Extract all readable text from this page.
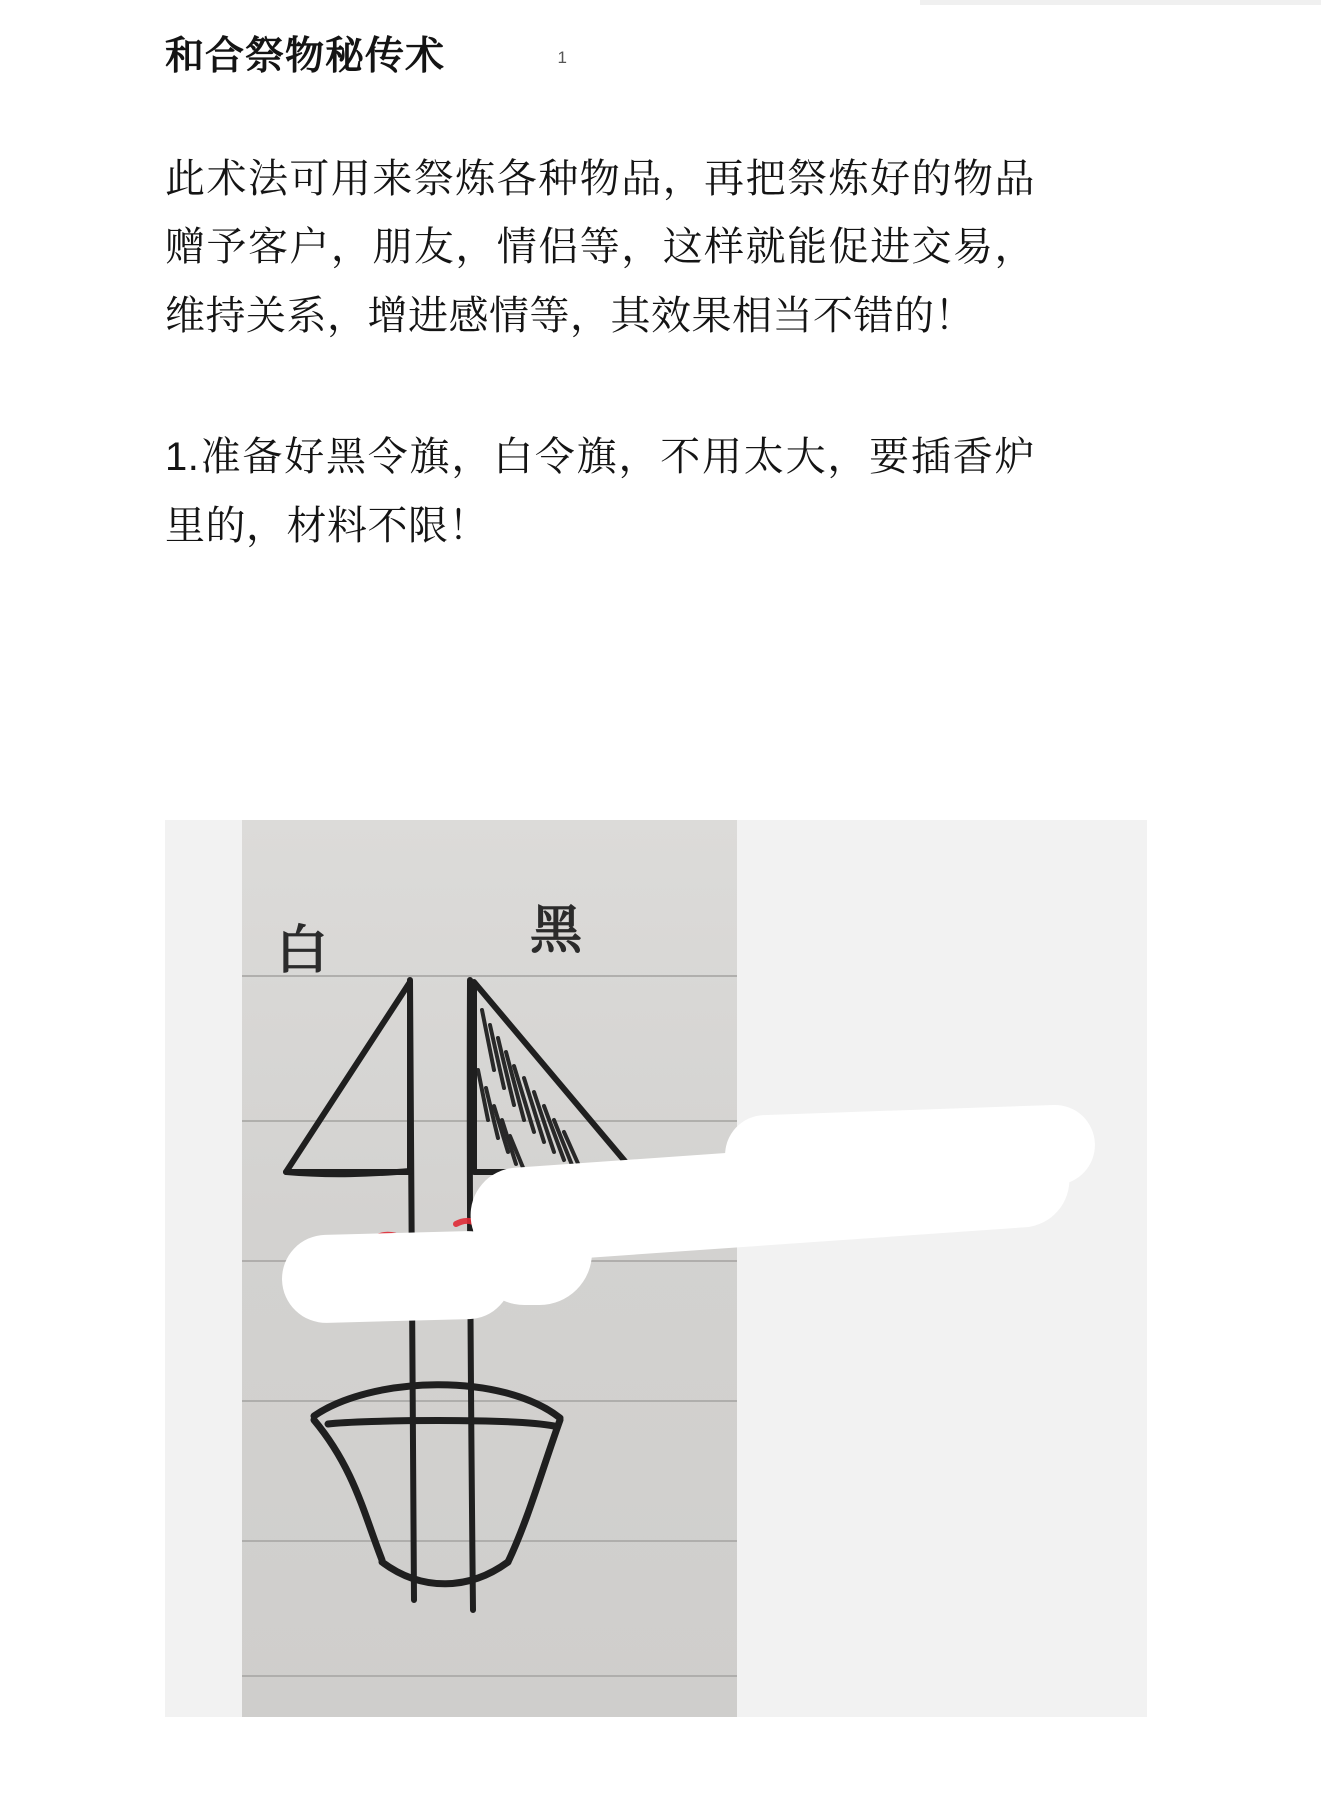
和合祭物秘传术	1

此术法可用来祭炼各种物品，再把祭炼好的物品赠予客户，朋友，情侣等，这样就能促进交易，维持关系，增进感情等，其效果相当不错的！

1.准备好黑令旗，白令旗，不用太大，要插香炉里的，材料不限！

白	黑
